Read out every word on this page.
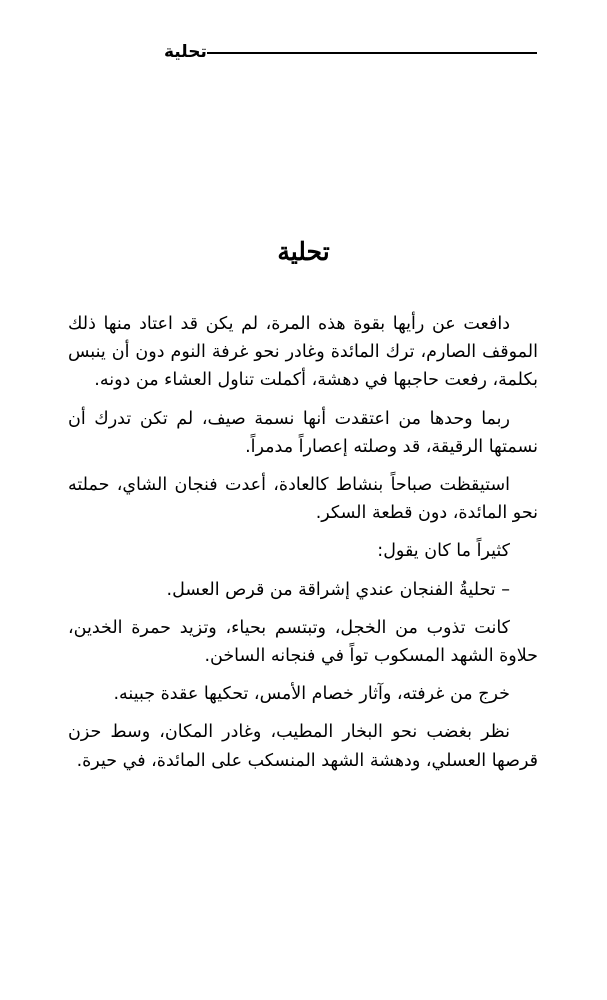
تحلية
تحلية

دافعت عن رأيها بقوة هذه المرة، لم يكن قد اعتاد منها ذلك الموقف الصارم، ترك المائدة وغادر نحو غرفة النوم دون أن ينبس بكلمة، رفعت حاجبها في دهشة، أكملت تناول العشاء من دونه.

ربما وحدها من اعتقدت أنها نسمة صيف، لم تكن تدرك أن نسمتها الرقيقة، قد وصلته إعصاراً مدمراً.

استيقظت صباحاً بنشاط كالعادة، أعدت فنجان الشاي، حملته نحو المائدة، دون قطعة السكر.

كثيراً ما كان يقول:

– تحليةُ الفنجان عندي إشراقة من قرص العسل.

كانت تذوب من الخجل، وتبتسم بحياء، وتزيد حمرة الخدين، حلاوة الشهد المسكوب تواً في فنجانه الساخن.

خرج من غرفته، وآثار خصام الأمس، تحكيها عقدة جبينه.

نظر بغضب نحو البخار المطيب، وغادر المكان، وسط حزن قرصها العسلي، ودهشة الشهد المنسكب على المائدة، في حيرة.
